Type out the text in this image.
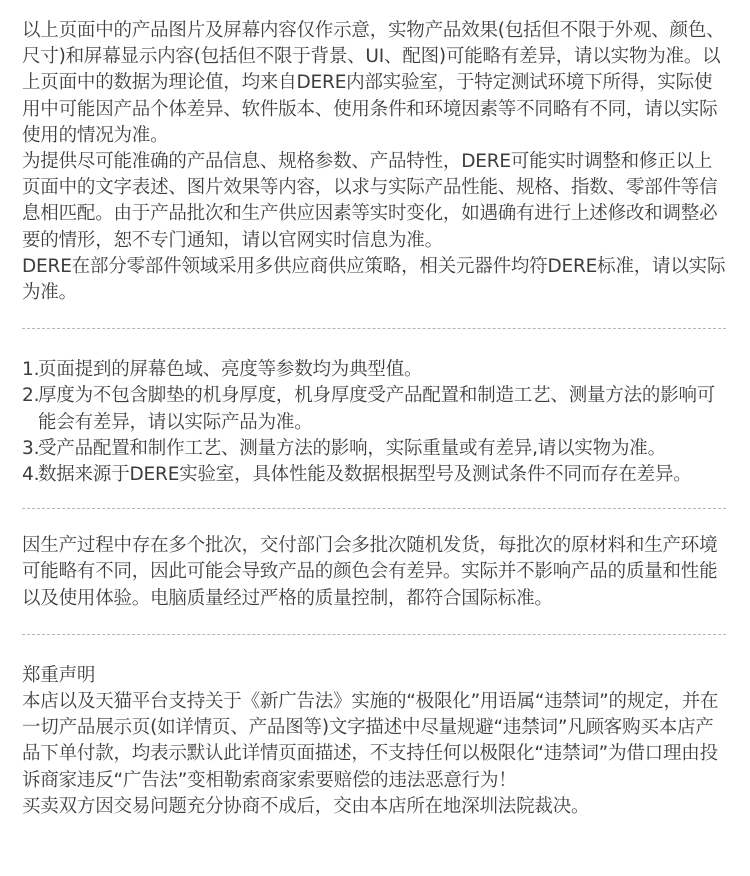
以上页面中的产品图片及屏幕内容仅作示意，实物产品效果(包括但不限于外观、颜色、尺寸)和屏幕显示内容(包括但不限于背景、UI、配图)可能略有差异，请以实物为准。以上页面中的数据为理论值，均来自DERE内部实验室，于特定测试环境下所得，实际使用中可能因产品个体差异、软件版本、使用条件和环境因素等不同略有不同，请以实际使用的情况为准。

为提供尽可能准确的产品信息、规格参数、产品特性，DERE可能实时调整和修正以上页面中的文字表述、图片效果等内容，以求与实际产品性能、规格、指数、零部件等信息相匹配。由于产品批次和生产供应因素等实时变化，如遇确有进行上述修改和调整必要的情形，恕不专门通知，请以官网实时信息为准。

DERE在部分零部件领域采用多供应商供应策略，相关元器件均符DERE标准，请以实际为准。

1.
页面提到的屏幕色域、亮度等参数均为典型值。

2.
厚度为不包含脚垫的机身厚度，机身厚度受产品配置和制造工艺、测量方法的影响可能会有差异，请以实际产品为准。

3.
受产品配置和制作工艺、测量方法的影响，实际重量或有差异,请以实物为准。

4.
数据来源于DERE实验室，具体性能及数据根据型号及测试条件不同而存在差异。

因生产过程中存在多个批次，交付部门会多批次随机发货，每批次的原材料和生产环境可能略有不同，因此可能会导致产品的颜色会有差异。实际并不影响产品的质量和性能以及使用体验。电脑质量经过严格的质量控制，都符合国际标准。

郑重声明

本店以及天猫平台支持关于《新广告法》实施的“极限化”用语属“违禁词”的规定，并在一切产品展示页(如详情页、产品图等)文字描述中尽量规避“违禁词”凡顾客购买本店产品下单付款，均表示默认此详情页面描述，不支持任何以极限化“违禁词”为借口理由投诉商家违反“广告法”变相勒索商家索要赔偿的违法恶意行为！

买卖双方因交易问题充分协商不成后，交由本店所在地深圳法院裁决。
